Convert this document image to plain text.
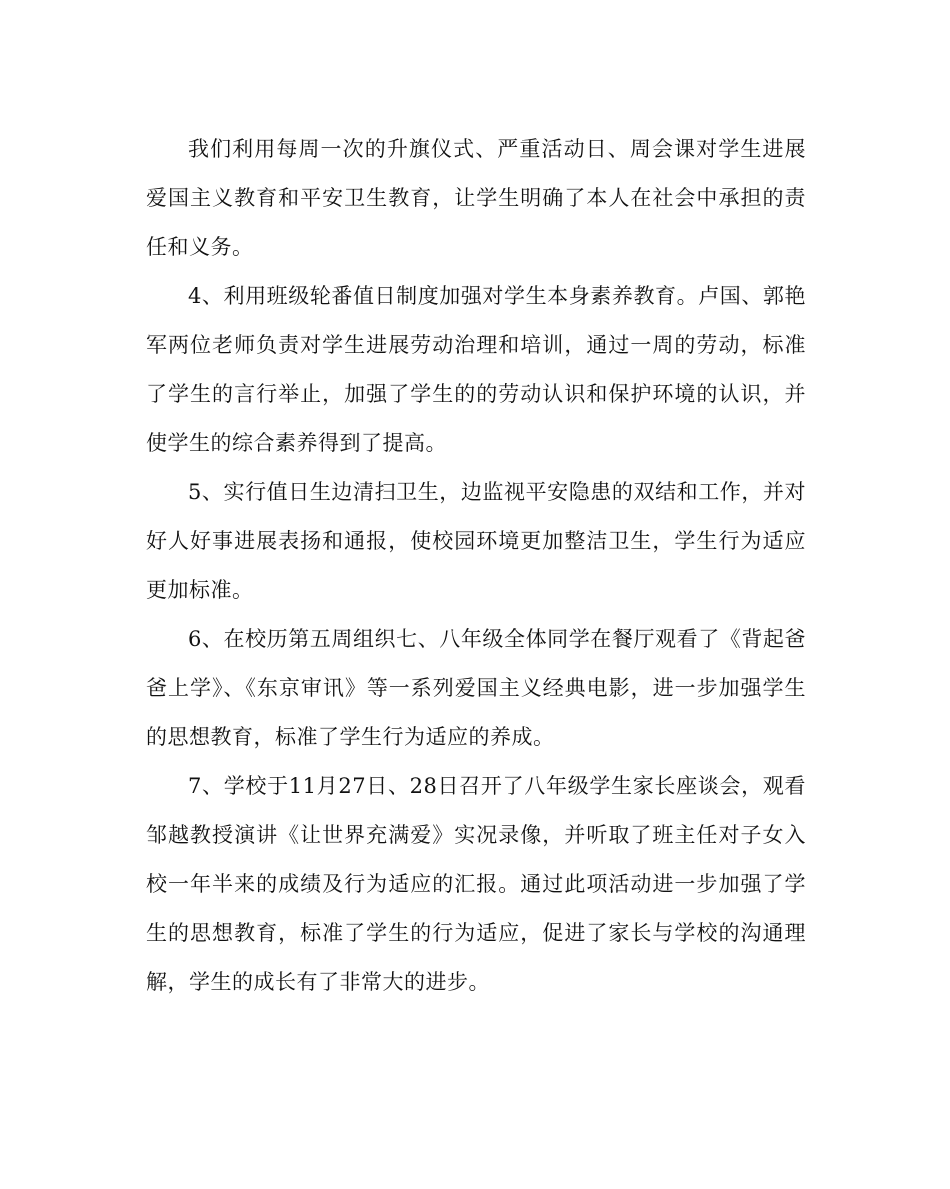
我们利用每周一次的升旗仪式、严重活动日、周会课对学生进展爱国主义教育和平安卫生教育，让学生明确了本人在社会中承担的责任和义务。

4、利用班级轮番值日制度加强对学生本身素养教育。卢国、郭艳军两位老师负责对学生进展劳动治理和培训，通过一周的劳动，标准了学生的言行举止，加强了学生的的劳动认识和保护环境的认识，并使学生的综合素养得到了提高。

5、实行值日生边清扫卫生，边监视平安隐患的双结和工作，并对好人好事进展表扬和通报，使校园环境更加整洁卫生，学生行为适应更加标准。

6、在校历第五周组织七、八年级全体同学在餐厅观看了《背起爸爸上学》、《东京审讯》等一系列爱国主义经典电影，进一步加强学生的思想教育，标准了学生行为适应的养成。

7、学校于11月27日、28日召开了八年级学生家长座谈会，观看邹越教授演讲《让世界充满爱》实况录像，并听取了班主任对子女入校一年半来的成绩及行为适应的汇报。通过此项活动进一步加强了学生的思想教育，标准了学生的行为适应，促进了家长与学校的沟通理解，学生的成长有了非常大的进步。
